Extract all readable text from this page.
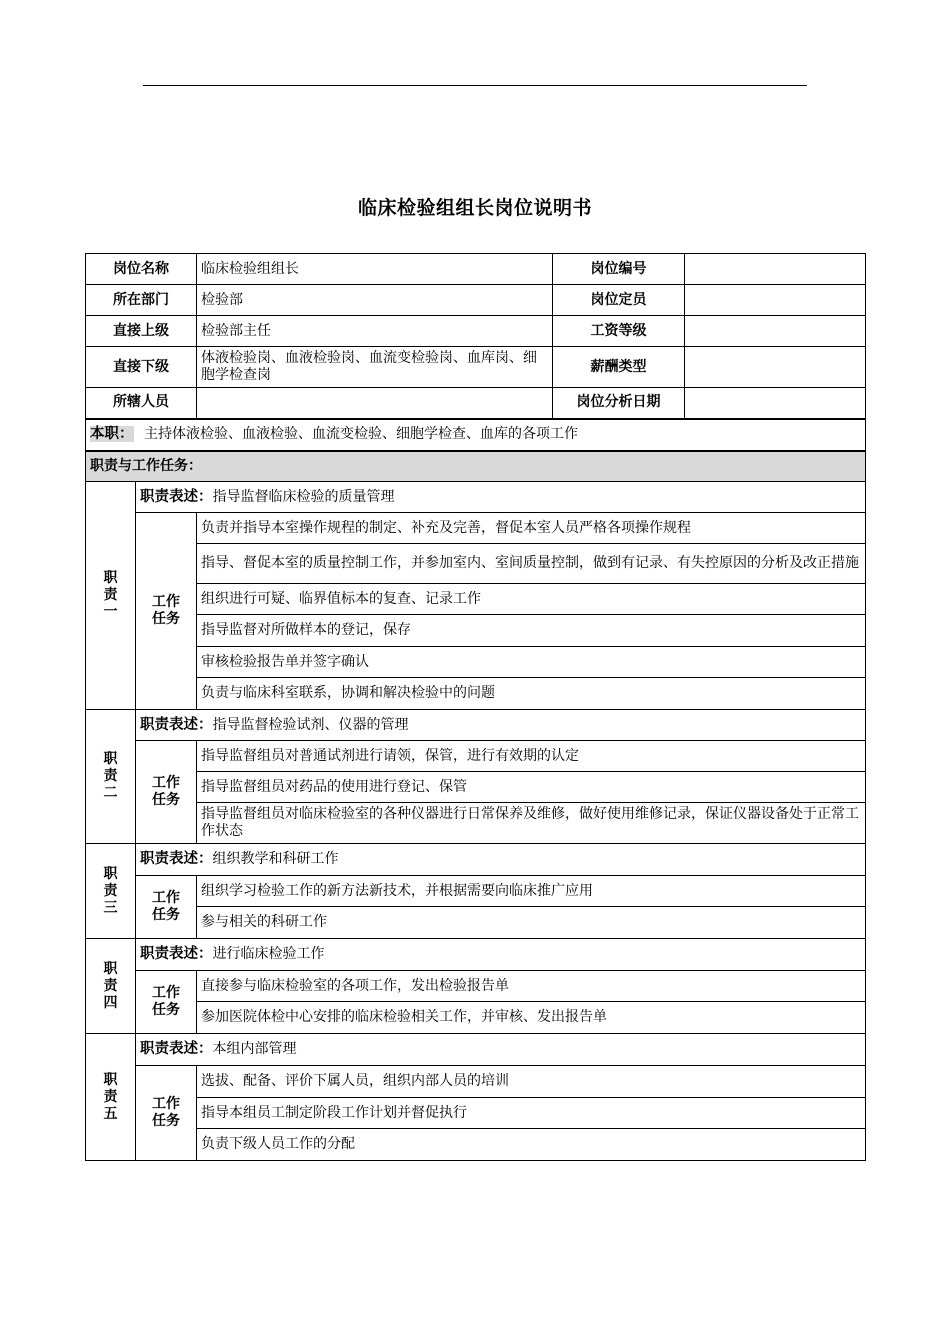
临床检验组组长岗位说明书
岗位名称		临床检验组组长	岗位编号	
所在部门		检验部	岗位定员	
直接上级		检验部主任	工资等级	
直接下级		体液检验岗、血液检验岗、血流变检验岗、血库岗、细胞学检查岗	薪酬类型	
所辖人员			岗位分析日期	
本职： 主持体液检验、血液检验、血流变检验、细胞学检查、血库的各项工作				
职责与工作任务：				
职
责
一	职责表述：指导监督临床检验的质量管理			
	工作
任务	负责并指导本室操作规程的制定、补充及完善，督促本室人员严格各项操作规程		
		指导、督促本室的质量控制工作，并参加室内、室间质量控制，做到有记录、有失控原因的分析及改正措施		
		组织进行可疑、临界值标本的复查、记录工作		
		指导监督对所做样本的登记，保存		
		审核检验报告单并签字确认		
		负责与临床科室联系，协调和解决检验中的问题		
职
责
二	职责表述：指导监督检验试剂、仪器的管理			
	工作
任务	指导监督组员对普通试剂进行请领，保管，进行有效期的认定		
		指导监督组员对药品的使用进行登记、保管		
		指导监督组员对临床检验室的各种仪器进行日常保养及维修，做好使用维修记录，保证仪器设备处于正常工作状态		
职
责
三	职责表述：组织教学和科研工作			
	工作
任务	组织学习检验工作的新方法新技术，并根据需要向临床推广应用		
		参与相关的科研工作		
职
责
四	职责表述：进行临床检验工作			
	工作
任务	直接参与临床检验室的各项工作，发出检验报告单		
		参加医院体检中心安排的临床检验相关工作，并审核、发出报告单		
职
责
五	职责表述：本组内部管理			
	工作
任务	选拔、配备、评价下属人员，组织内部人员的培训		
		指导本组员工制定阶段工作计划并督促执行		
		负责下级人员工作的分配		
